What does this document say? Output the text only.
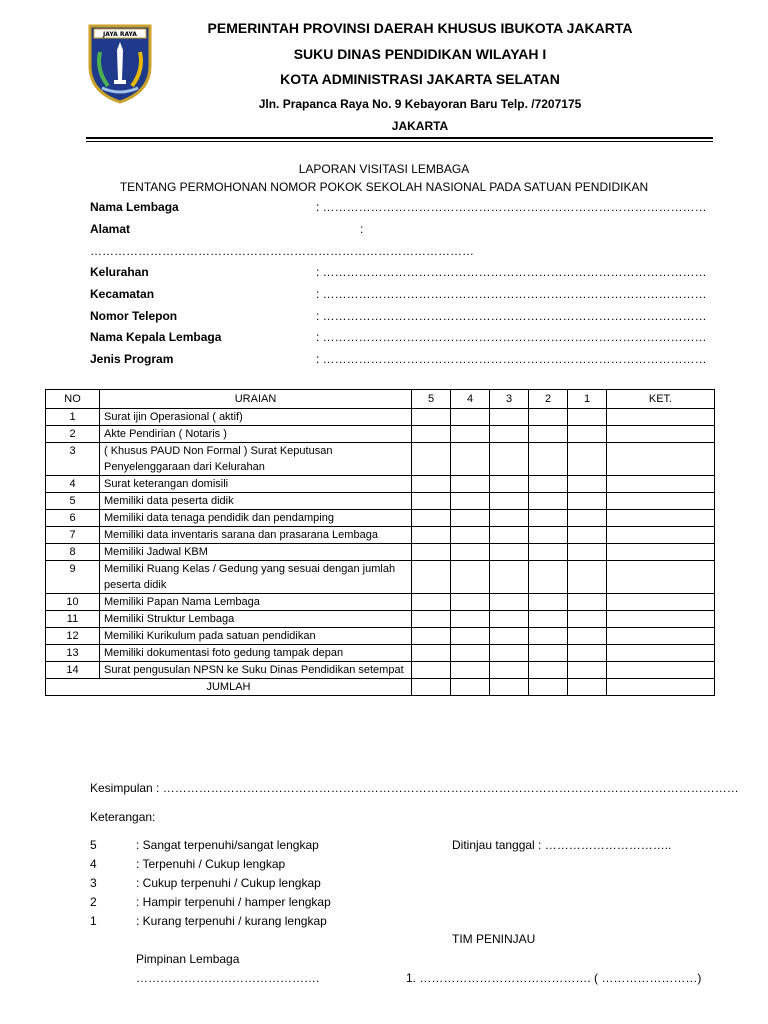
JAYA RAYA	PEMERINTAH PROVINSI DAERAH KHUSUS IBUKOTA JAKARTA
SUKU DINAS PENDIDIKAN WILAYAH I
KOTA ADMINISTRASI JAKARTA SELATAN
Jln. Prapanca Raya No. 9 Kebayoran Baru Telp. /7207175
JAKARTA
LAPORAN VISITASI LEMBAGA
TENTANG PERMOHONAN NOMOR POKOK SEKOLAH NASIONAL PADA SATUAN PENDIDIKAN
Nama Lembaga	: ……………………………………………………………………………………
Alamat	:
……………………………………………………………………………………
Kelurahan	: ……………………………………………………………………………………
Kecamatan	: ……………………………………………………………………………………
Nomor Telepon	: ……………………………………………………………………………………
Nama Kepala Lembaga	: ……………………………………………………………………………………
Jenis Program	: ……………………………………………………………………………………
NO	URAIAN	5	4	3	2	1	KET.
1	Surat ijin Operasional ( aktif)						
2	Akte Pendirian ( Notaris )						
3	( Khusus PAUD Non Formal ) Surat Keputusan Penyelenggaraan dari Kelurahan						
4	Surat keterangan domisili						
5	Memiliki data peserta didik						
6	Memiliki data tenaga pendidik dan pendamping						
7	Memiliki data inventaris sarana dan prasarana Lembaga						
8	Memiliki Jadwal KBM						
9	Memiliki Ruang Kelas / Gedung yang sesuai dengan jumlah peserta didik						
10	Memiliki Papan Nama Lembaga						
11	Memiliki Struktur Lembaga						
12	Memiliki Kurikulum pada satuan pendidikan						
13	Memiliki dokumentasi foto gedung tampak depan						
14	Surat pengusulan NPSN ke Suku Dinas Pendidikan setempat						
JUMLAH							
Kesimpulan : ………………………………………………………………………………………………………………………………
Keterangan:
5	: Sangat terpenuhi/sangat lengkap
4	: Terpenuhi / Cukup lengkap
3	: Cukup terpenuhi / Cukup lengkap
2	: Hampir terpenuhi / hamper lengkap
1	: Kurang terpenuhi / kurang lengkap
Ditinjau tanggal : …………………………..
TIM PENINJAU
Pimpinan Lembaga
……………………………………….	1. ……………………………………. ( ……………………)
